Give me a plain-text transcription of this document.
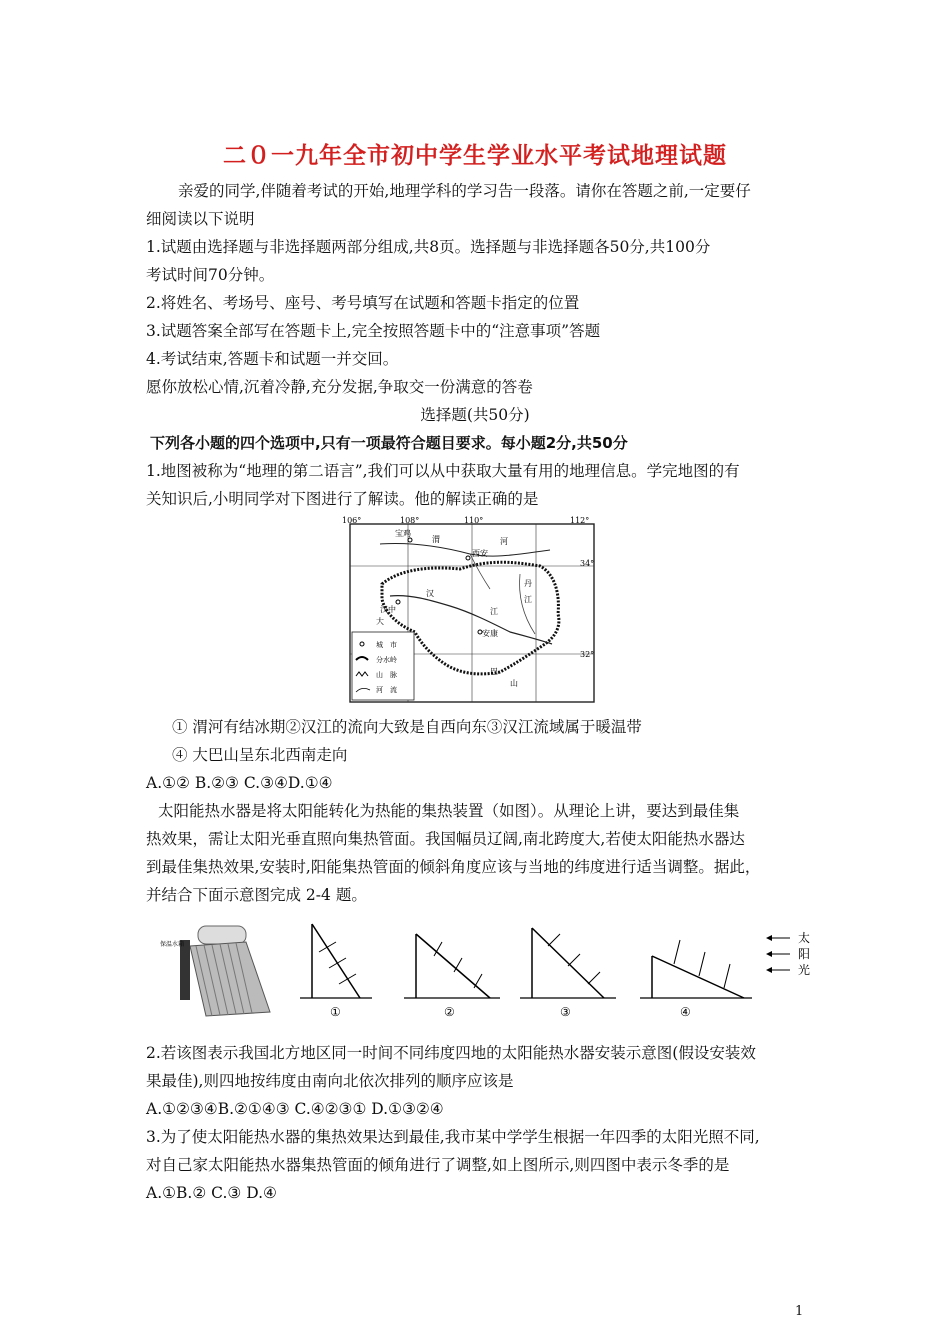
二０一九年全市初中学生学业水平考试地理试题
亲爱的同学,伴随着考试的开始,地理学科的学习告一段落。请你在答题之前,一定要仔
细阅读以下说明
1.试题由选择题与非选择题两部分组成,共8页。选择题与非选择题各50分,共100分
考试时间70分钟。
2.将姓名、考场号、座号、考号填写在试题和答题卡指定的位置
3.试题答案全部写在答题卡上,完全按照答题卡中的“注意事项”答题
4.考试结束,答题卡和试题一并交回。
愿你放松心情,沉着冷静,充分发据,争取交一份满意的答卷
选择题(共50分)
下列各小题的四个选项中,只有一项最符合题目要求。每小题2分,共50分
1.地图被称为“地理的第二语言”,我们可以从中获取大量有用的地理信息。学完地图的有
关知识后,小明同学对下图进行了解读。他的解读正确的是
106°	108°	110°	112°
34°
32°
宝鸡
西安
汉中
安康
渭	河
汉
江
丹
江
大
巴
山
城　市
分水岭
山　脉
河　流
① 渭河有结冰期②汉江的流向大致是自西向东③汉江流域属于暖温带
④ 大巴山呈东北西南走向
A.①② B.②③ C.③④D.①④
太阳能热水器是将太阳能转化为热能的集热装置（如图）。从理论上讲，要达到最佳集
热效果，需让太阳光垂直照向集热管面。我国幅员辽阔,南北跨度大,若使太阳能热水器达
到最佳集热效果,安装时,阳能集热管面的倾斜角度应该与当地的纬度进行适当调整。据此，
并结合下面示意图完成 2-4 题。
保温水箱
①	②	③	④
太
阳
光
2.若该图表示我国北方地区同一时间不同纬度四地的太阳能热水器安装示意图(假设安装效
果最佳),则四地按纬度由南向北依次排列的顺序应该是
A.①②③④B.②①④③ C.④②③① D.①③②④
3.为了使太阳能热水器的集热效果达到最佳,我市某中学学生根据一年四季的太阳光照不同,
对自己家太阳能热水器集热管面的倾角进行了调整,如上图所示,则四图中表示冬季的是
A.①B.② C.③ D.④
1
